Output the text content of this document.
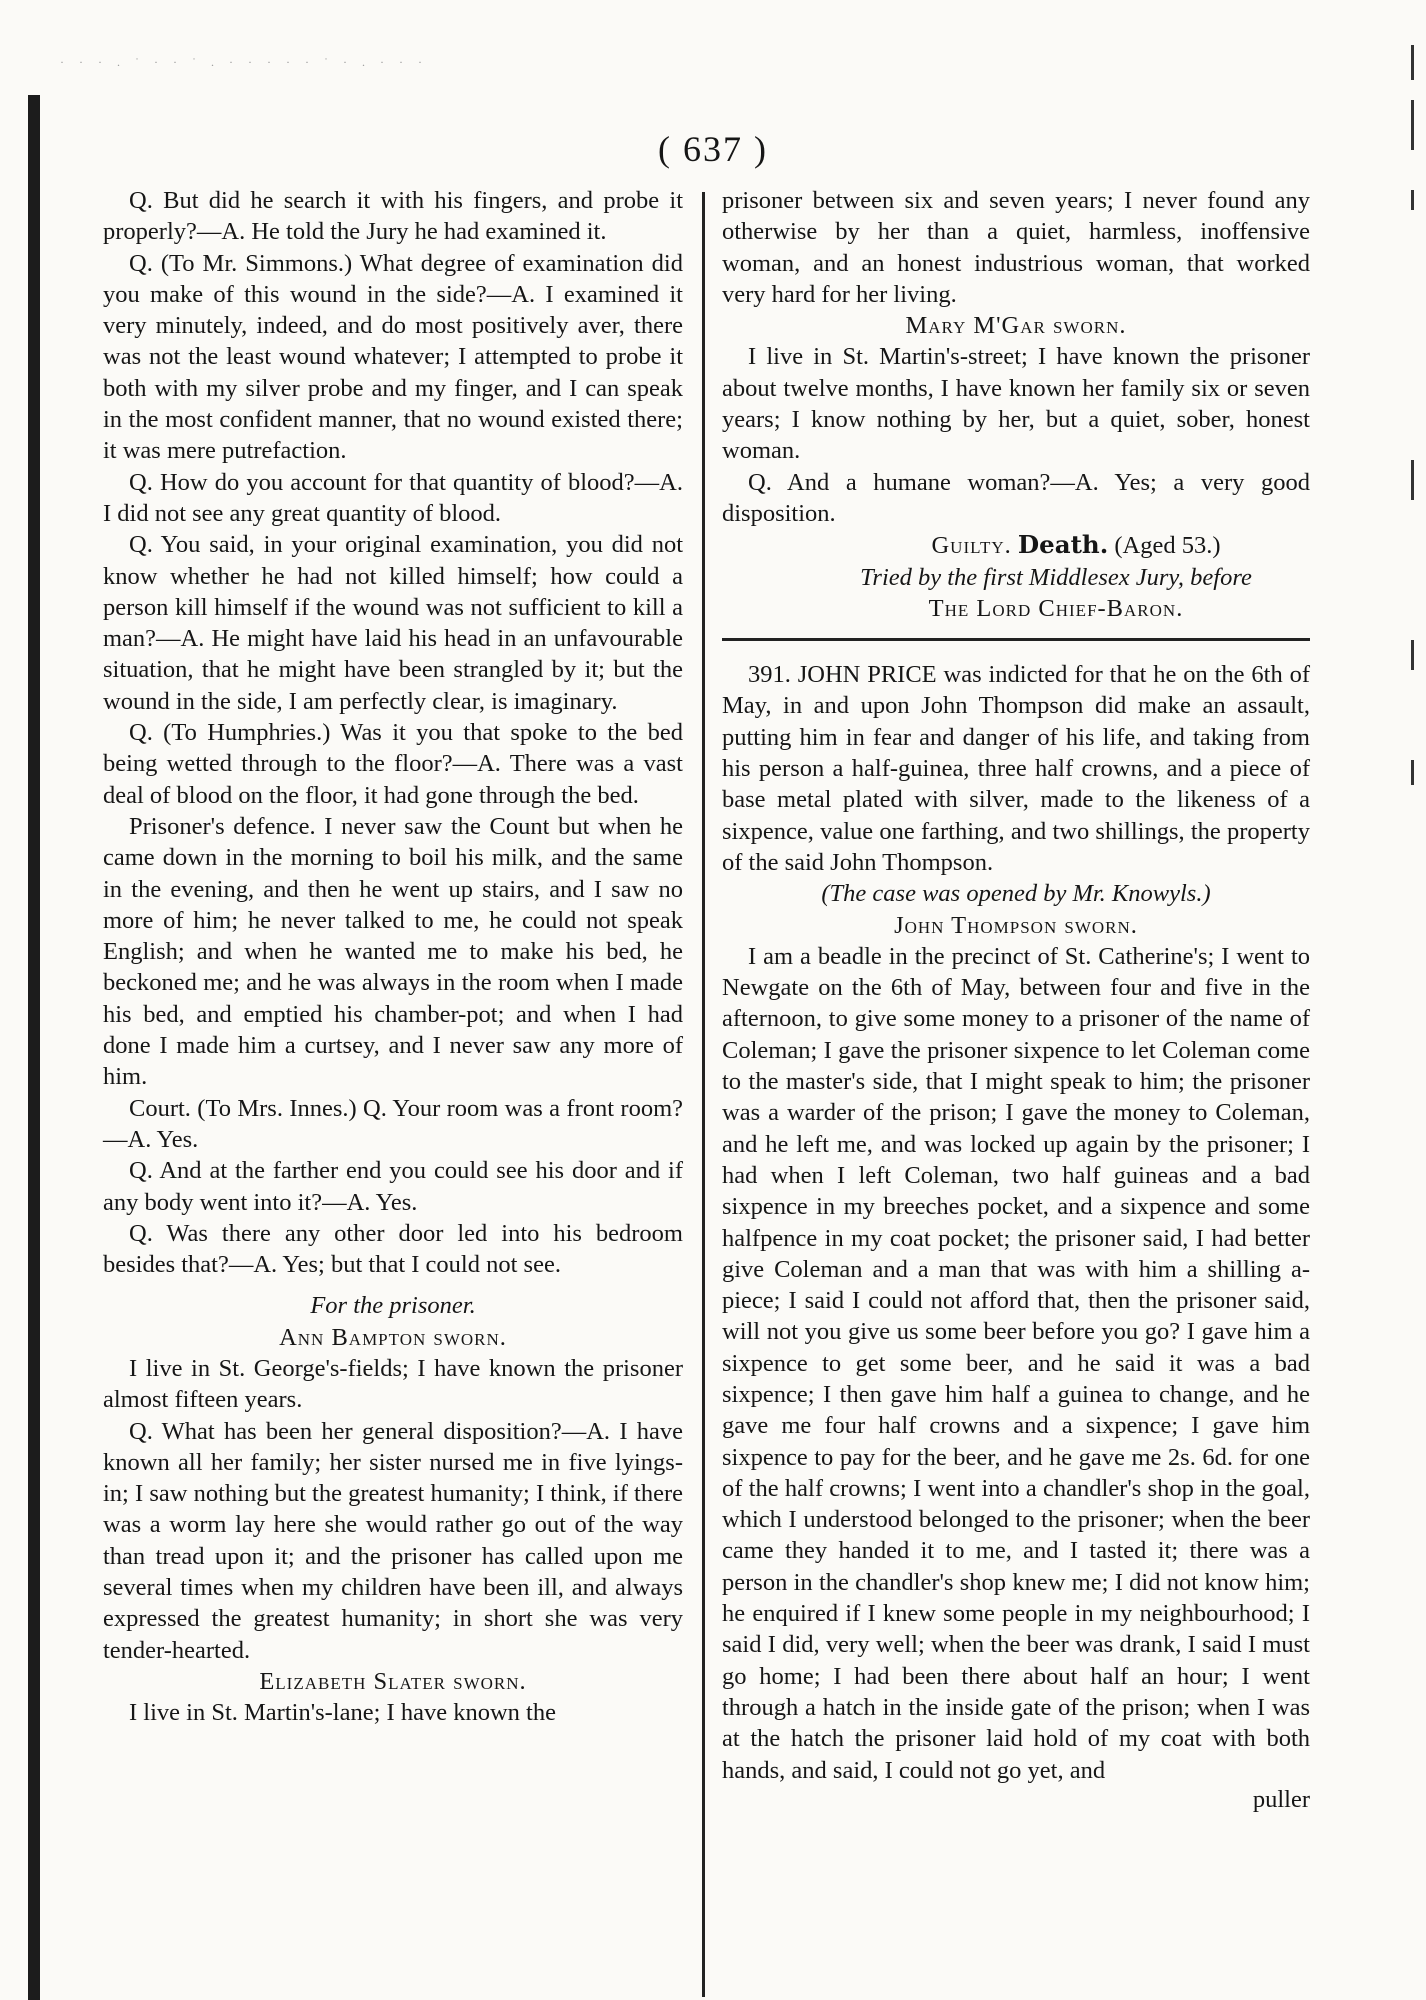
· · · . ˙ · · ˙ . · · · · · ˙ · . · · ·
( 637 )

Q. But did he search it with his fingers, and probe it properly?—A. He told the Jury he had examined it.

Q. (To Mr. Simmons.) What degree of examination did you make of this wound in the side?—A. I examined it very minutely, indeed, and do most positively aver, there was not the least wound whatever; I attempted to probe it both with my silver probe and my finger, and I can speak in the most confident manner, that no wound existed there; it was mere putrefaction.

Q. How do you account for that quantity of blood?—A. I did not see any great quantity of blood.

Q. You said, in your original examination, you did not know whether he had not killed himself; how could a person kill himself if the wound was not sufficient to kill a man?—A. He might have laid his head in an unfavourable situation, that he might have been strangled by it; but the wound in the side, I am perfectly clear, is imaginary.

Q. (To Humphries.) Was it you that spoke to the bed being wetted through to the floor?—A. There was a vast deal of blood on the floor, it had gone through the bed.

Prisoner's defence. I never saw the Count but when he came down in the morning to boil his milk, and the same in the evening, and then he went up stairs, and I saw no more of him; he never talked to me, he could not speak English; and when he wanted me to make his bed, he beckoned me; and he was always in the room when I made his bed, and emptied his chamber-pot; and when I had done I made him a curtsey, and I never saw any more of him.

Court. (To Mrs. Innes.) Q. Your room was a front room?—A. Yes.

Q. And at the farther end you could see his door and if any body went into it?—A. Yes.

Q. Was there any other door led into his bedroom besides that?—A. Yes; but that I could not see.

For the prisoner.

Ann Bampton sworn.

I live in St. George's-fields; I have known the prisoner almost fifteen years.

Q. What has been her general disposition?—A. I have known all her family; her sister nursed me in five lyings-in; I saw nothing but the greatest humanity; I think, if there was a worm lay here she would rather go out of the way than tread upon it; and the prisoner has called upon me several times when my children have been ill, and always expressed the greatest humanity; in short she was very tender-hearted.

Elizabeth Slater sworn.

I live in St. Martin's-lane; I have known the

prisoner between six and seven years; I never found any otherwise by her than a quiet, harmless, inoffensive woman, and an honest industrious woman, that worked very hard for her living.

Mary M'Gar sworn.

I live in St. Martin's-street; I have known the prisoner about twelve months, I have known her family six or seven years; I know nothing by her, but a quiet, sober, honest woman.

Q. And a humane woman?—A. Yes; a very good disposition.

Guilty. Death. (Aged 53.)

Tried by the first Middlesex Jury, before

The Lord Chief-Baron.

391. JOHN PRICE was indicted for that he on the 6th of May, in and upon John Thompson did make an assault, putting him in fear and danger of his life, and taking from his person a half-guinea, three half crowns, and a piece of base metal plated with silver, made to the likeness of a sixpence, value one farthing, and two shillings, the property of the said John Thompson.

(The case was opened by Mr. Knowyls.)

John Thompson sworn.

I am a beadle in the precinct of St. Catherine's; I went to Newgate on the 6th of May, between four and five in the afternoon, to give some money to a prisoner of the name of Coleman; I gave the prisoner sixpence to let Coleman come to the master's side, that I might speak to him; the prisoner was a warder of the prison; I gave the money to Coleman, and he left me, and was locked up again by the prisoner; I had when I left Coleman, two half guineas and a bad sixpence in my breeches pocket, and a sixpence and some halfpence in my coat pocket; the prisoner said, I had better give Coleman and a man that was with him a shilling a-piece; I said I could not afford that, then the prisoner said, will not you give us some beer before you go? I gave him a sixpence to get some beer, and he said it was a bad sixpence; I then gave him half a guinea to change, and he gave me four half crowns and a sixpence; I gave him sixpence to pay for the beer, and he gave me 2s. 6d. for one of the half crowns; I went into a chandler's shop in the goal, which I understood belonged to the prisoner; when the beer came they handed it to me, and I tasted it; there was a person in the chandler's shop knew me; I did not know him; he enquired if I knew some people in my neighbourhood; I said I did, very well; when the beer was drank, I said I must go home; I had been there about half an hour; I went through a hatch in the inside gate of the prison; when I was at the hatch the prisoner laid hold of my coat with both hands, and said, I could not go yet, and

puller
